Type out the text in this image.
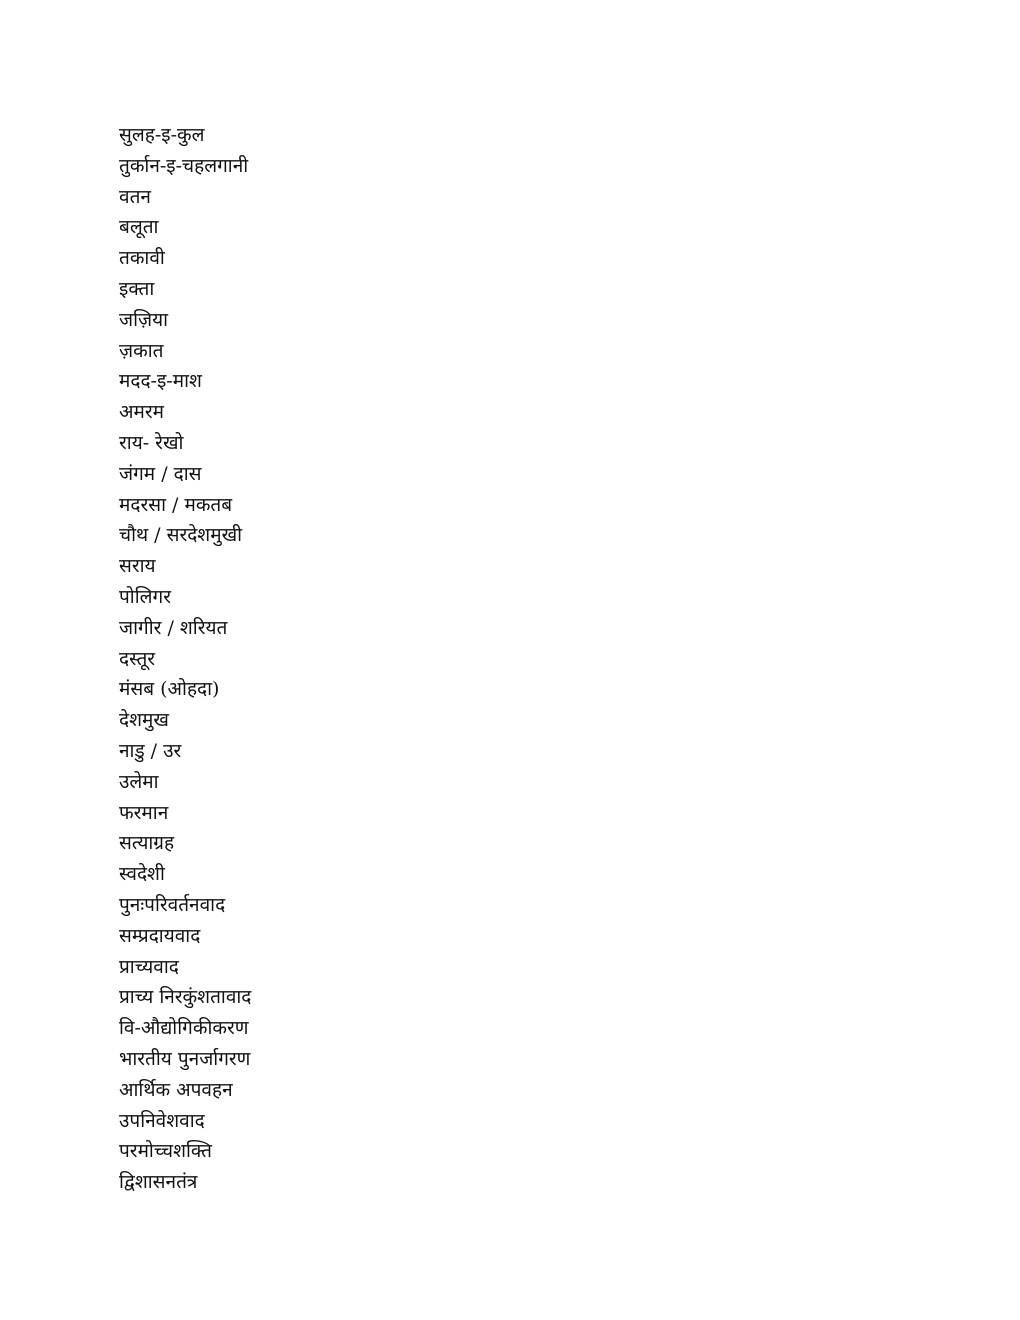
सुलह-इ-कुल
तुर्कान-इ-चहलगानी
वतन
बलूता
तकावी
इक्ता
जज़िया
ज़कात
मदद-इ-माश
अमरम
राय- रेखो
जंगम / दास
मदरसा / मकतब
चौथ / सरदेशमुखी
सराय
पोलिगर
जागीर / शरियत
दस्तूर
मंसब (ओहदा)
देशमुख
नाडु / उर
उलेमा
फरमान
सत्याग्रह
स्वदेशी
पुनःपरिवर्तनवाद
सम्प्रदायवाद
प्राच्यवाद
प्राच्य निरकुंशतावाद
वि-औद्योगिकीकरण
भारतीय पुनर्जागरण
आर्थिक अपवहन
उपनिवेशवाद
परमोच्चशक्ति
द्विशासनतंत्र
